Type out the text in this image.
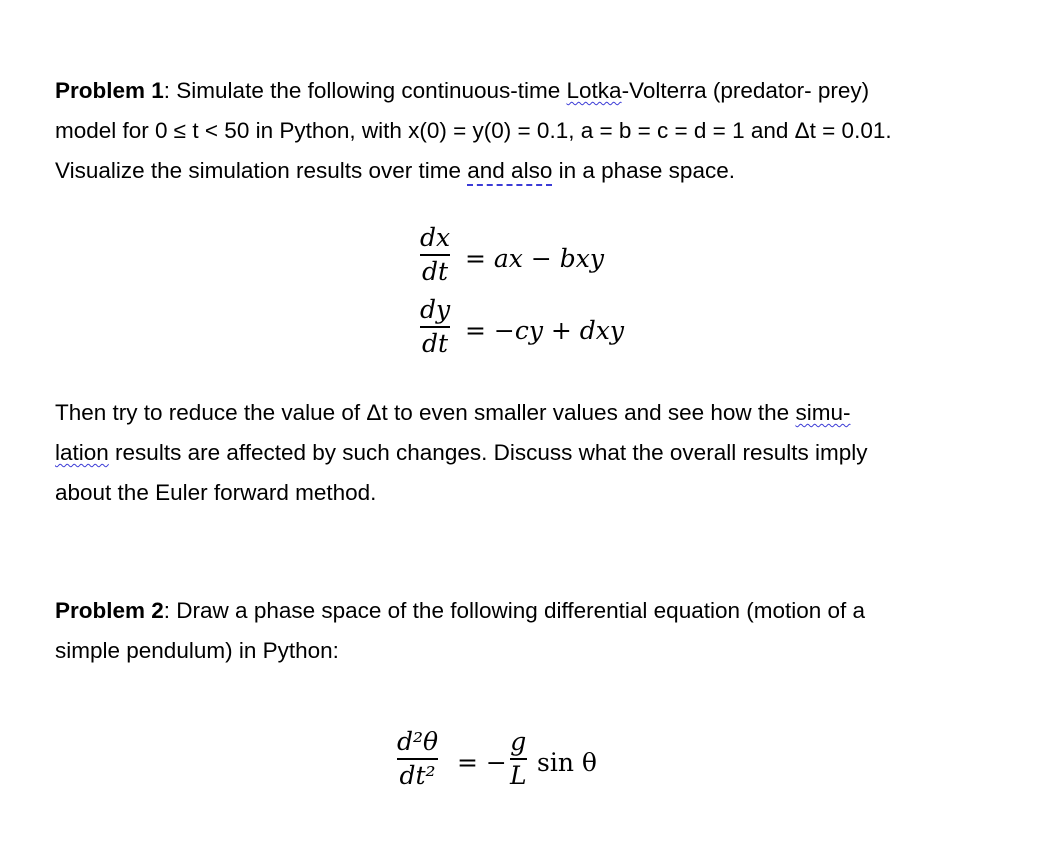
Problem 1: Simulate the following continuous-time Lotka-Volterra (predator- prey)
model for 0 ≤ t < 50 in Python, with x(0) = y(0) = 0.1, a = b = c = d = 1 and Δt = 0.01.
Visualize the simulation results over time and also in a phase space.

dx
dt = ax − bxy
dy
dt = −cy + dxy

Then try to reduce the value of Δt to even smaller values and see how the simu-
lation results are affected by such changes. Discuss what the overall results imply
about the Euler forward method.

Problem 2: Draw a phase space of the following differential equation (motion of a
simple pendulum) in Python:

d²θ
dt² = −
g
L sin θ
